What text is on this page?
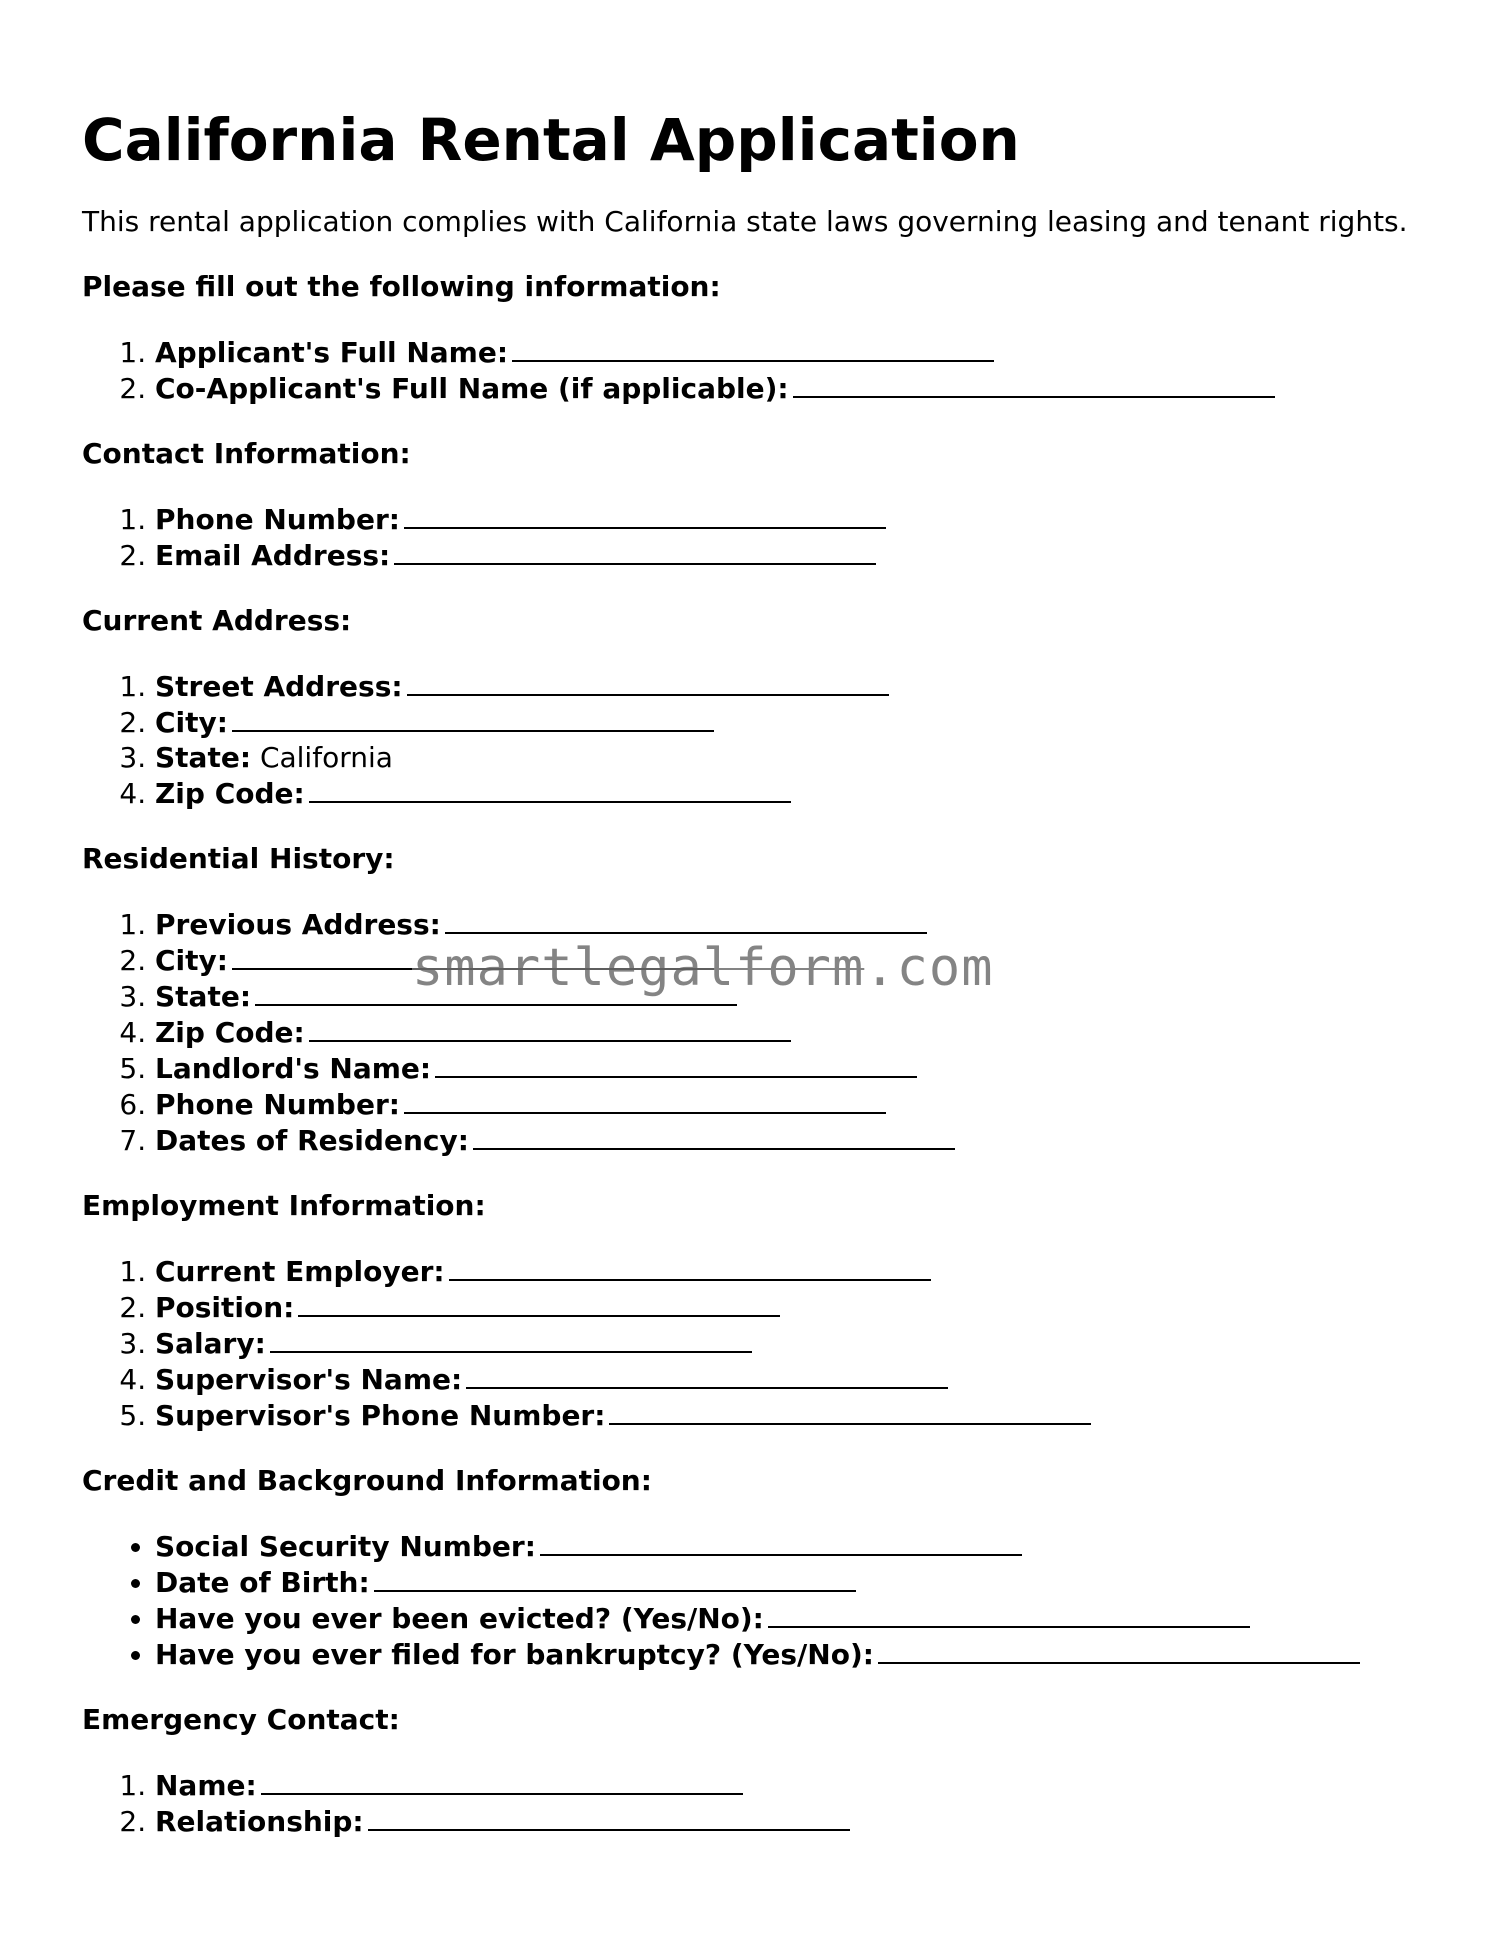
California Rental Application

This rental application complies with California state laws governing leasing and tenant rights.

Please fill out the following information:
1. Applicant's Full Name:
2. Co-Applicant's Full Name (if applicable):
Contact Information:
1. Phone Number:
2. Email Address:
Current Address:
1. Street Address:
2. City:
3. State: California
4. Zip Code:
Residential History:
1. Previous Address:
2. City:
3. State:
4. Zip Code:
5. Landlord's Name:
6. Phone Number:
7. Dates of Residency:
Employment Information:
1. Current Employer:
2. Position:
3. Salary:
4. Supervisor's Name:
5. Supervisor's Phone Number:
Credit and Background Information:
• Social Security Number:
• Date of Birth:
• Have you ever been evicted? (Yes/No):
• Have you ever filed for bankruptcy? (Yes/No):
Emergency Contact:
1. Name:
2. Relationship:
smartlegalform.com
